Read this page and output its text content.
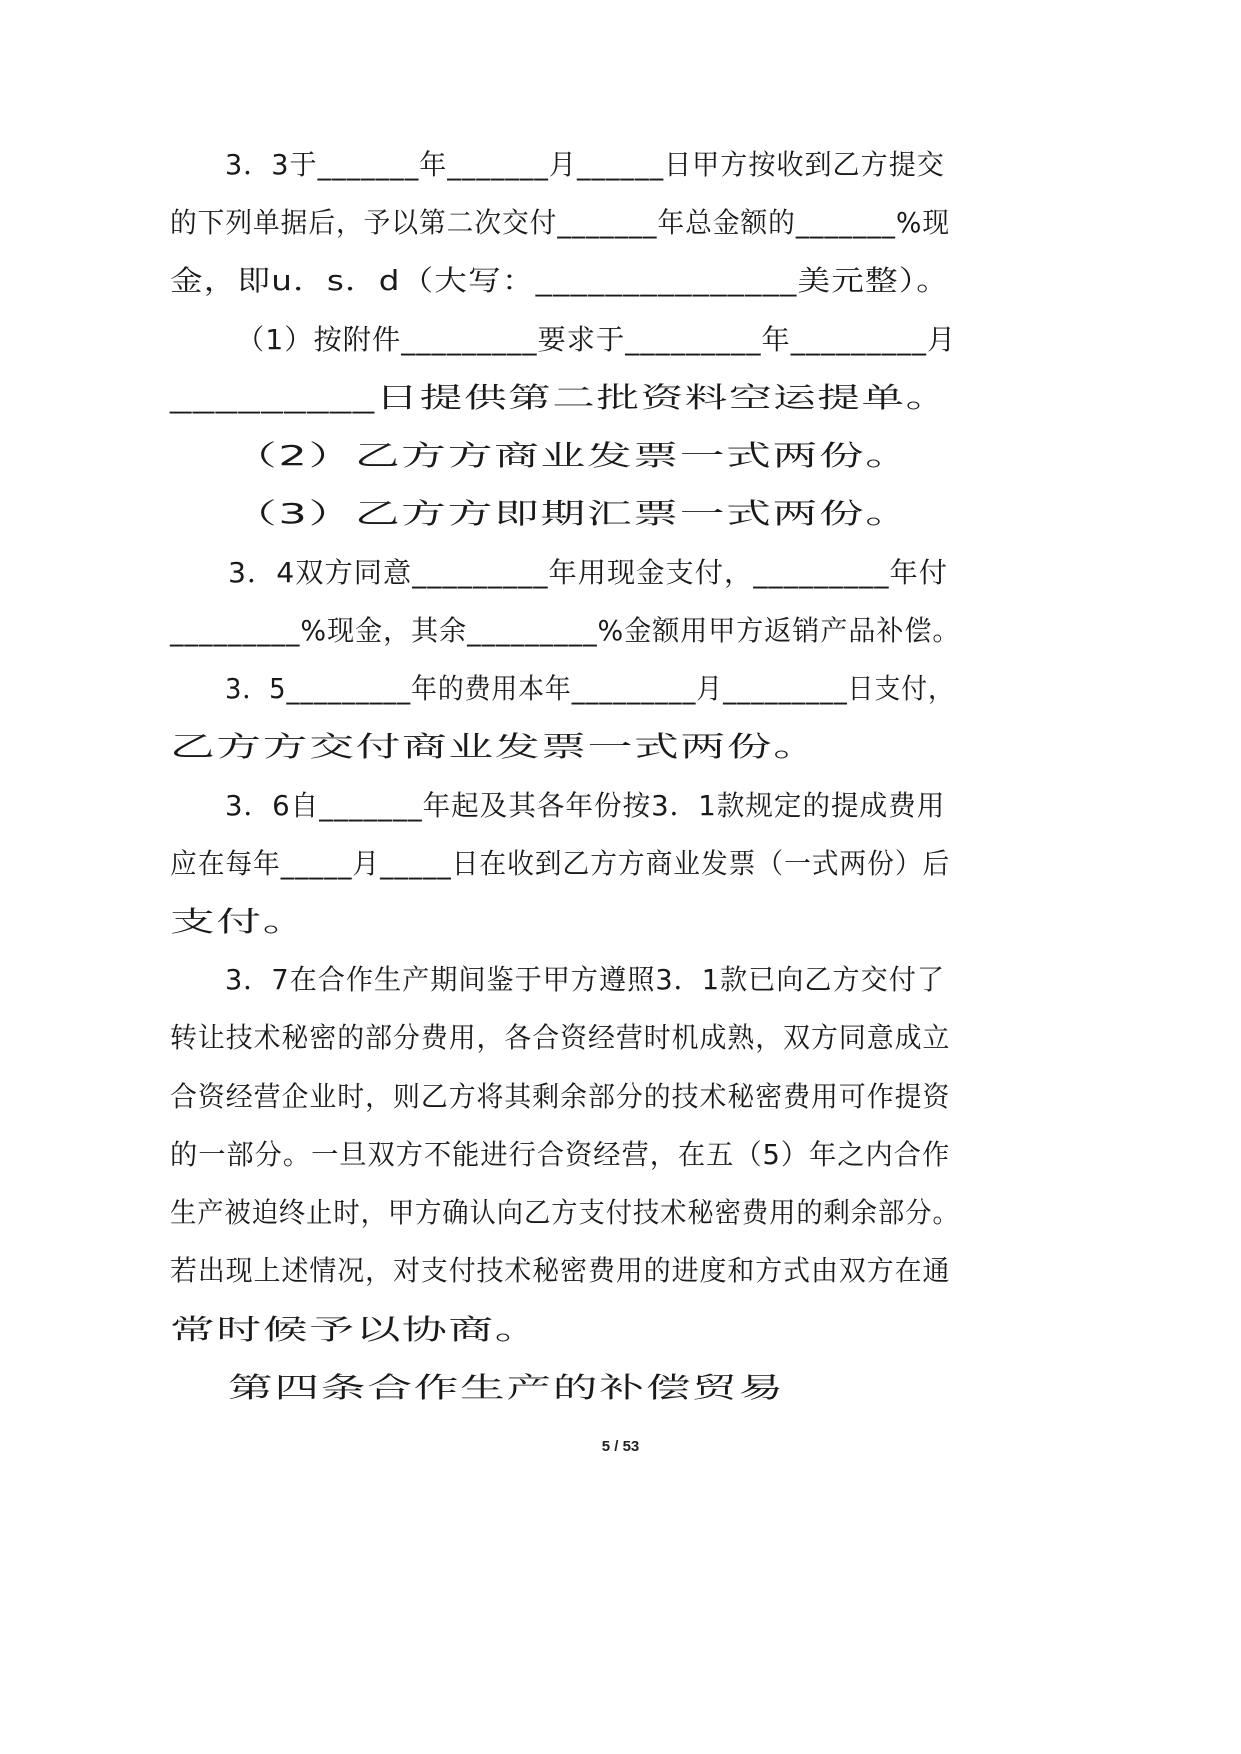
3．3于_______年_______月______日甲方按收到乙方提交
的下列单据后，予以第二次交付_______年总金额的_______%现
金，即u．s．d（大写：_______________美元整）。
（1）按附件_________要求于_________年_________月
_________日提供第二批资料空运提单。
（2）乙方方商业发票一式两份。
（3）乙方方即期汇票一式两份。
3．4双方同意_________年用现金支付，_________年付
_________%现金，其余_________%金额用甲方返销产品补偿。
3．5_________年的费用本年_________月_________日支付，
乙方方交付商业发票一式两份。
3．6自_______年起及其各年份按3．1款规定的提成费用
应在每年_____月_____日在收到乙方方商业发票（一式两份）后
支付。
3．7在合作生产期间鉴于甲方遵照3．1款已向乙方交付了
转让技术秘密的部分费用，各合资经营时机成熟，双方同意成立
合资经营企业时，则乙方将其剩余部分的技术秘密费用可作提资
的一部分。一旦双方不能进行合资经营，在五（5）年之内合作
生产被迫终止时，甲方确认向乙方支付技术秘密费用的剩余部分。
若出现上述情况，对支付技术秘密费用的进度和方式由双方在通
常时候予以协商。
第四条合作生产的补偿贸易
5 / 53
